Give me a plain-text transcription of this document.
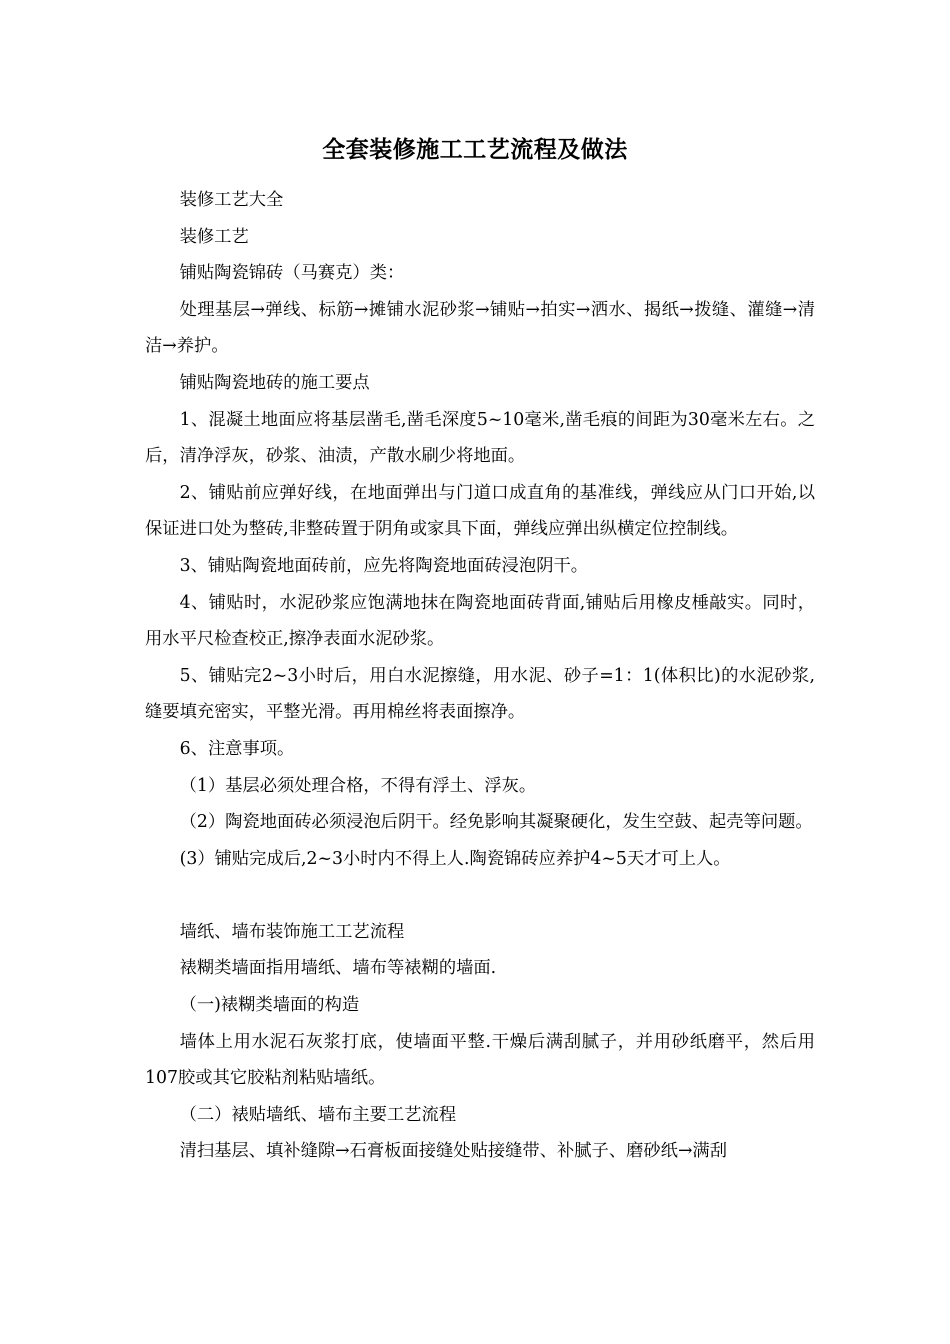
全套装修施工工艺流程及做法

装修工艺大全

装修工艺

铺贴陶瓷锦砖（马赛克）类：

处理基层→弹线、标筋→摊铺水泥砂浆→铺贴→拍实→洒水、揭纸→拨缝、灌缝→清洁→养护。

铺贴陶瓷地砖的施工要点

1、混凝土地面应将基层凿毛,凿毛深度5~10毫米,凿毛痕的间距为30毫米左右。之后，清净浮灰，砂浆、油渍，产散水刷少将地面。

2、铺贴前应弹好线，在地面弹出与门道口成直角的基准线，弹线应从门口开始,以保证进口处为整砖,非整砖置于阴角或家具下面，弹线应弹出纵横定位控制线。

3、铺贴陶瓷地面砖前，应先将陶瓷地面砖浸泡阴干。

4、铺贴时，水泥砂浆应饱满地抹在陶瓷地面砖背面,铺贴后用橡皮棰敲实。同时，用水平尺检查校正,擦净表面水泥砂浆。

5、铺贴完2~3小时后，用白水泥擦缝，用水泥、砂子=1：1(体积比)的水泥砂浆,缝要填充密实，平整光滑。再用棉丝将表面擦净。

6、注意事项。

（1）基层必须处理合格，不得有浮土、浮灰。

（2）陶瓷地面砖必须浸泡后阴干。经免影响其凝聚硬化，发生空鼓、起壳等问题。

(3）铺贴完成后,2~3小时内不得上人.陶瓷锦砖应养护4~5天才可上人。

墙纸、墙布装饰施工工艺流程

裱糊类墙面指用墙纸、墙布等裱糊的墙面.

（一)裱糊类墙面的构造

墙体上用水泥石灰浆打底，使墙面平整.干燥后满刮腻子，并用砂纸磨平，然后用107胶或其它胶粘剂粘贴墙纸。

（二）裱贴墙纸、墙布主要工艺流程

清扫基层、填补缝隙→石膏板面接缝处贴接缝带、补腻子、磨砂纸→满刮
